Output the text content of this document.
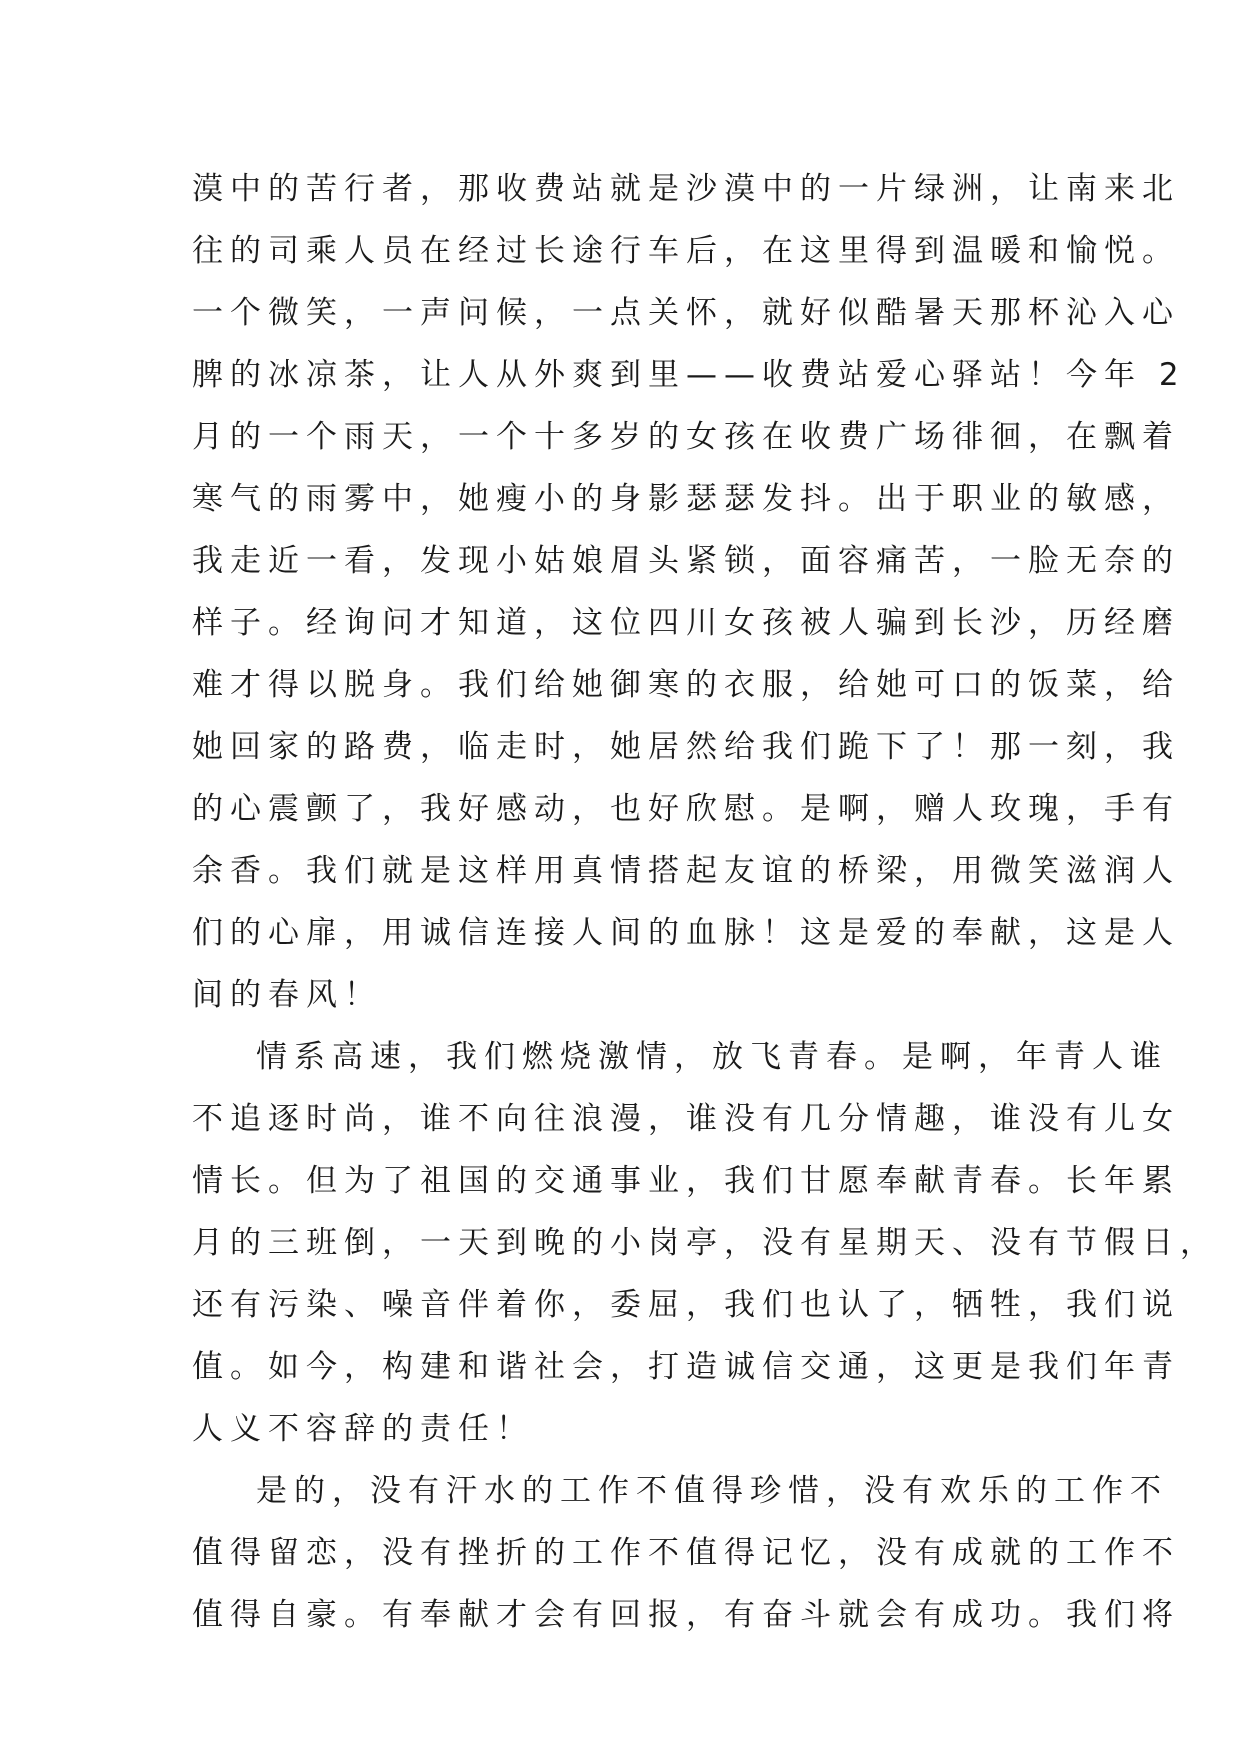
漠中的苦行者，那收费站就是沙漠中的一片绿洲，让南来北
往的司乘人员在经过长途行车后，在这里得到温暖和愉悦。
一个微笑，一声问候，一点关怀，就好似酷暑天那杯沁入心
脾的冰凉茶，让人从外爽到里——收费站爱心驿站！今年 2
月的一个雨天，一个十多岁的女孩在收费广场徘徊，在飘着
寒气的雨雾中，她瘦小的身影瑟瑟发抖。出于职业的敏感，
我走近一看，发现小姑娘眉头紧锁，面容痛苦，一脸无奈的
样子。经询问才知道，这位四川女孩被人骗到长沙，历经磨
难才得以脱身。我们给她御寒的衣服，给她可口的饭菜，给
她回家的路费，临走时，她居然给我们跪下了！那一刻，我
的心震颤了，我好感动，也好欣慰。是啊，赠人玫瑰，手有
余香。我们就是这样用真情搭起友谊的桥梁，用微笑滋润人
们的心扉，用诚信连接人间的血脉！这是爱的奉献，这是人
间的春风！
情系高速，我们燃烧激情，放飞青春。是啊，年青人谁
不追逐时尚，谁不向往浪漫，谁没有几分情趣，谁没有儿女
情长。但为了祖国的交通事业，我们甘愿奉献青春。长年累
月的三班倒，一天到晚的小岗亭，没有星期天、没有节假日，
还有污染、噪音伴着你，委屈，我们也认了，牺牲，我们说
值。如今，构建和谐社会，打造诚信交通，这更是我们年青
人义不容辞的责任！
是的，没有汗水的工作不值得珍惜，没有欢乐的工作不
值得留恋，没有挫折的工作不值得记忆，没有成就的工作不
值得自豪。有奉献才会有回报，有奋斗就会有成功。我们将
